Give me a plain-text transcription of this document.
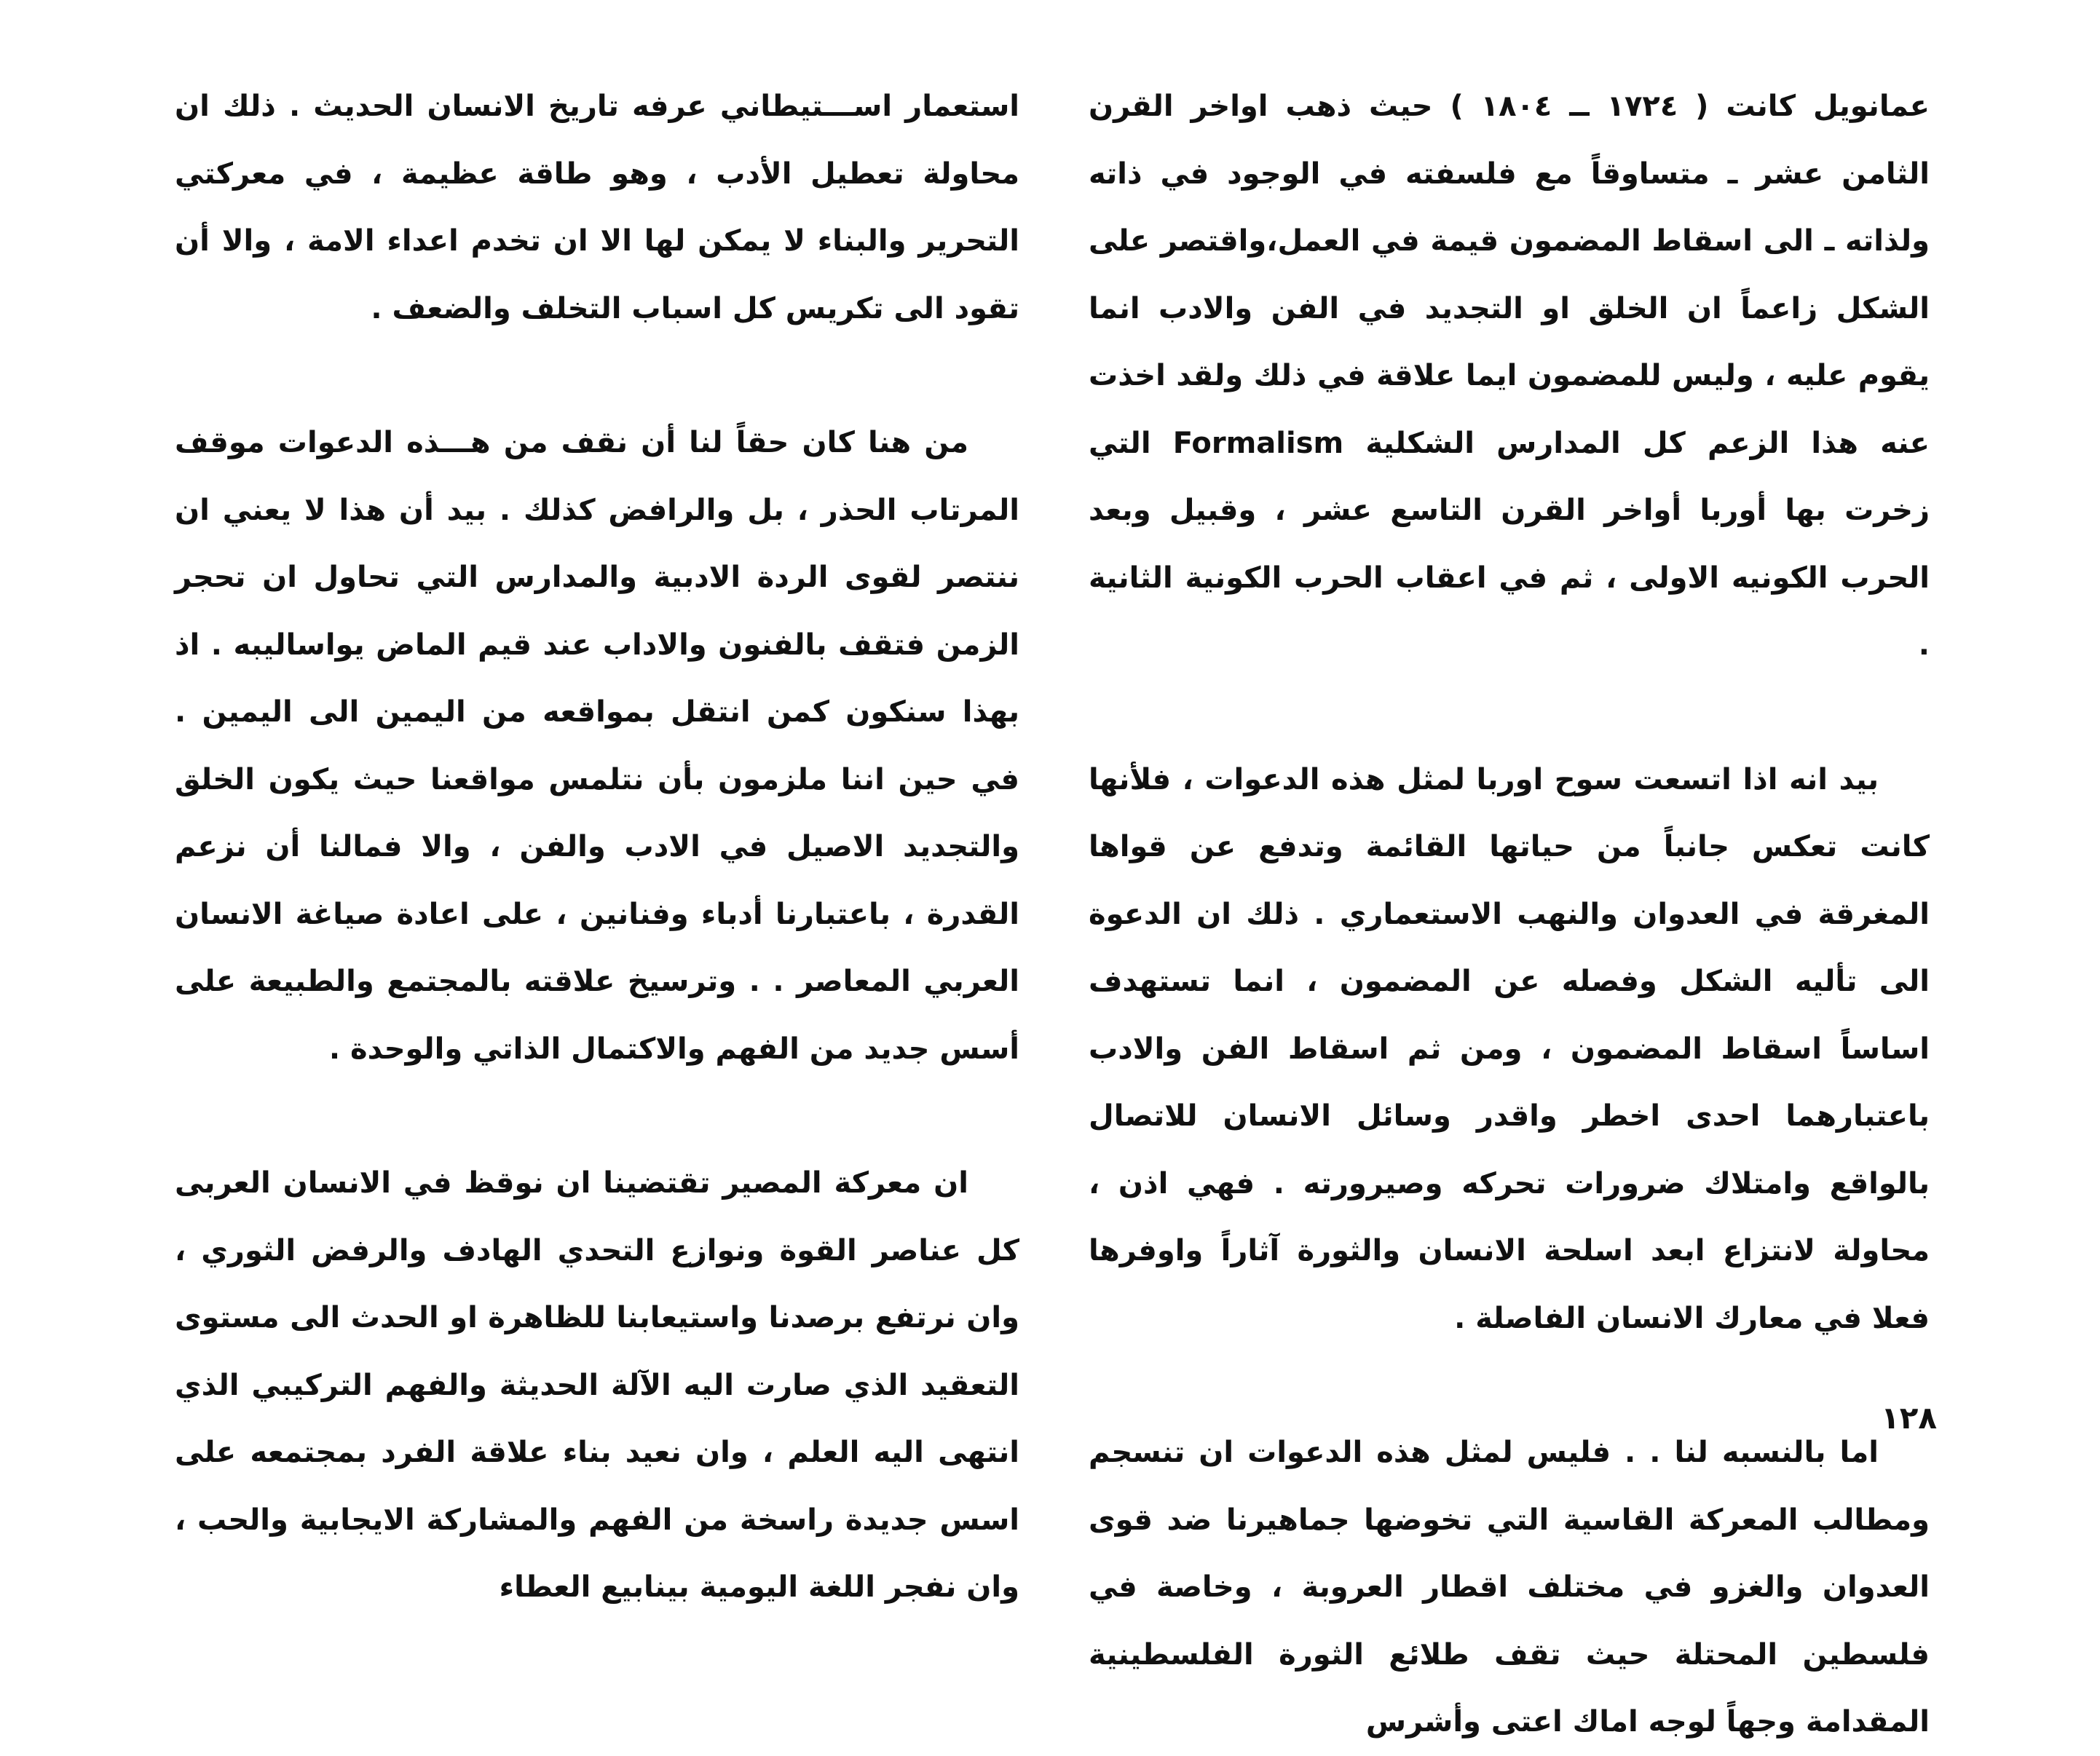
عمانويل كانت ( ١٧٢٤ ــ ١٨٠٤ ) حيث ذهب اواخر القرن الثامن عشر ـ متساوقاً مع فلسفته في الوجود في ذاته ولذاته ـ الى اسقاط المضمون قيمة في العمل،واقتصر على الشكل زاعماً ان الخلق او التجديد في الفن والادب انما يقوم عليه ، وليس للمضمون ايما علاقة في ذلك ولقد اخذت عنه هذا الزعم كل المدارس الشكلية Formalism التي زخرت بها أوربا أواخر القرن التاسع عشر ، وقبيل وبعد الحرب الكونيه الاولى ، ثم في اعقاب الحرب الكونية الثانية .

بيد انه اذا اتسعت سوح اوربا لمثل هذه الدعوات ، فلأنها كانت تعكس جانباً من حياتها القائمة وتدفع عن قواها المغرقة في العدوان والنهب الاستعماري . ذلك ان الدعوة الى تأليه الشكل وفصله عن المضمون ، انما تستهدف اساساً اسقاط المضمون ، ومن ثم اسقاط الفن والادب باعتبارهما احدى اخطر واقدر وسائل الانسان للاتصال بالواقع وامتلاك ضرورات تحركه وصيرورته . فهي اذن ، محاولة لانتزاع ابعد اسلحة الانسان والثورة آثاراً واوفرها فعلا في معارك الانسان الفاصلة .

اما بالنسبه لنا . . فليس لمثل هذه الدعوات ان تنسجم ومطالب المعركة القاسية التي تخوضها جماهيرنا ضد قوى العدوان والغزو في مختلف اقطار العروبة ، وخاصة في فلسطين المحتلة حيث تقف طلائع الثورة الفلسطينية المقدامة وجهاً لوجه اماك اعتى وأشرس

استعمار اســـتيطاني عرفه تاريخ الانسان الحديث . ذلك ان محاولة تعطيل الأدب ، وهو طاقة عظيمة ، في معركتي التحرير والبناء لا يمكن لها الا ان تخدم اعداء الامة ، والا أن تقود الى تكريس كل اسباب التخلف والضعف .

من هنا كان حقاً لنا أن نقف من هـــذه الدعوات موقف المرتاب الحذر ، بل والرافض كذلك . بيد أن هذا لا يعني ان ننتصر لقوى الردة الادبية والمدارس التي تحاول ان تحجر الزمن فتقف بالفنون والاداب عند قيم الماض يواساليبه . اذ بهذا سنكون كمن انتقل بمواقعه من اليمين الى اليمين . في حين اننا ملزمون بأن نتلمس مواقعنا حيث يكون الخلق والتجديد الاصيل في الادب والفن ، والا فمالنا أن نزعم القدرة ، باعتبارنا أدباء وفنانين ، على اعادة صياغة الانسان العربي المعاصر . . وترسيخ علاقته بالمجتمع والطبيعة على أسس جديد من الفهم والاكتمال الذاتي والوحدة .

ان معركة المصير تقتضينا ان نوقظ في الانسان العربى كل عناصر القوة ونوازع التحدي الهادف والرفض الثوري ، وان نرتفع برصدنا واستيعابنا للظاهرة او الحدث الى مستوى التعقيد الذي صارت اليه الآلة الحديثة والفهم التركيبي الذي انتهى اليه العلم ، وان نعيد بناء علاقة الفرد بمجتمعه على اسس جديدة راسخة من الفهم والمشاركة الايجابية والحب ، وان نفجر اللغة اليومية بينابيع العطاء

١٢٨
